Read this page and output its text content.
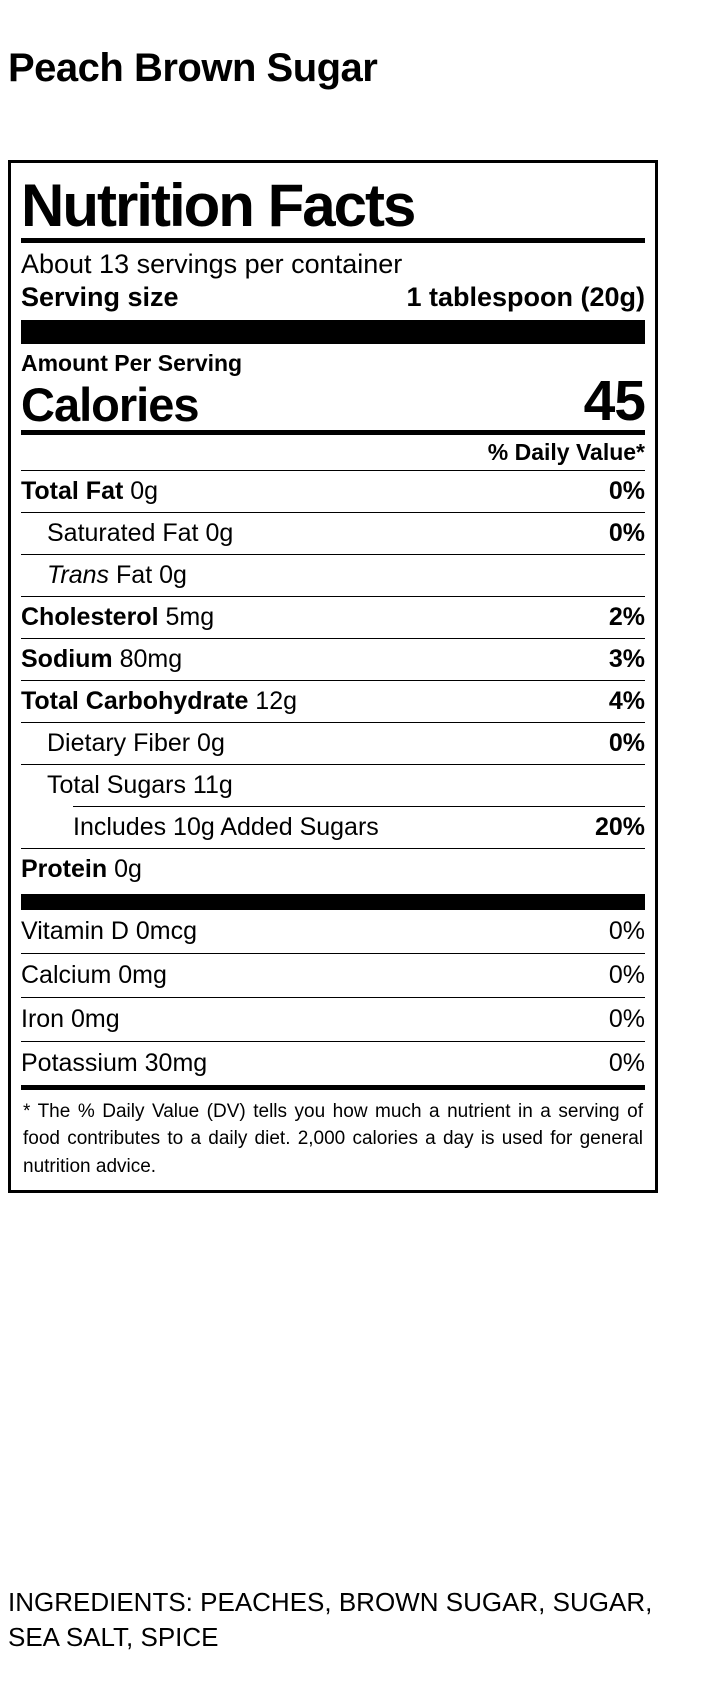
Peach Brown Sugar
Nutrition Facts
About 13 servings per container
Serving size	1 tablespoon (20g)
Amount Per Serving
Calories	45
% Daily Value*
Total Fat 0g	0%
Saturated Fat 0g	0%
Trans Fat 0g
Cholesterol 5mg	2%
Sodium 80mg	3%
Total Carbohydrate 12g	4%
Dietary Fiber 0g	0%
Total Sugars 11g
Includes 10g Added Sugars	20%
Protein 0g
Vitamin D 0mcg	0%
Calcium 0mg	0%
Iron 0mg	0%
Potassium 30mg	0%
* The % Daily Value (DV) tells you how much a nutrient in a serving of food contributes to a daily diet. 2,000 calories a day is used for general nutrition advice.
INGREDIENTS: PEACHES, BROWN SUGAR, SUGAR, SEA SALT, SPICE
